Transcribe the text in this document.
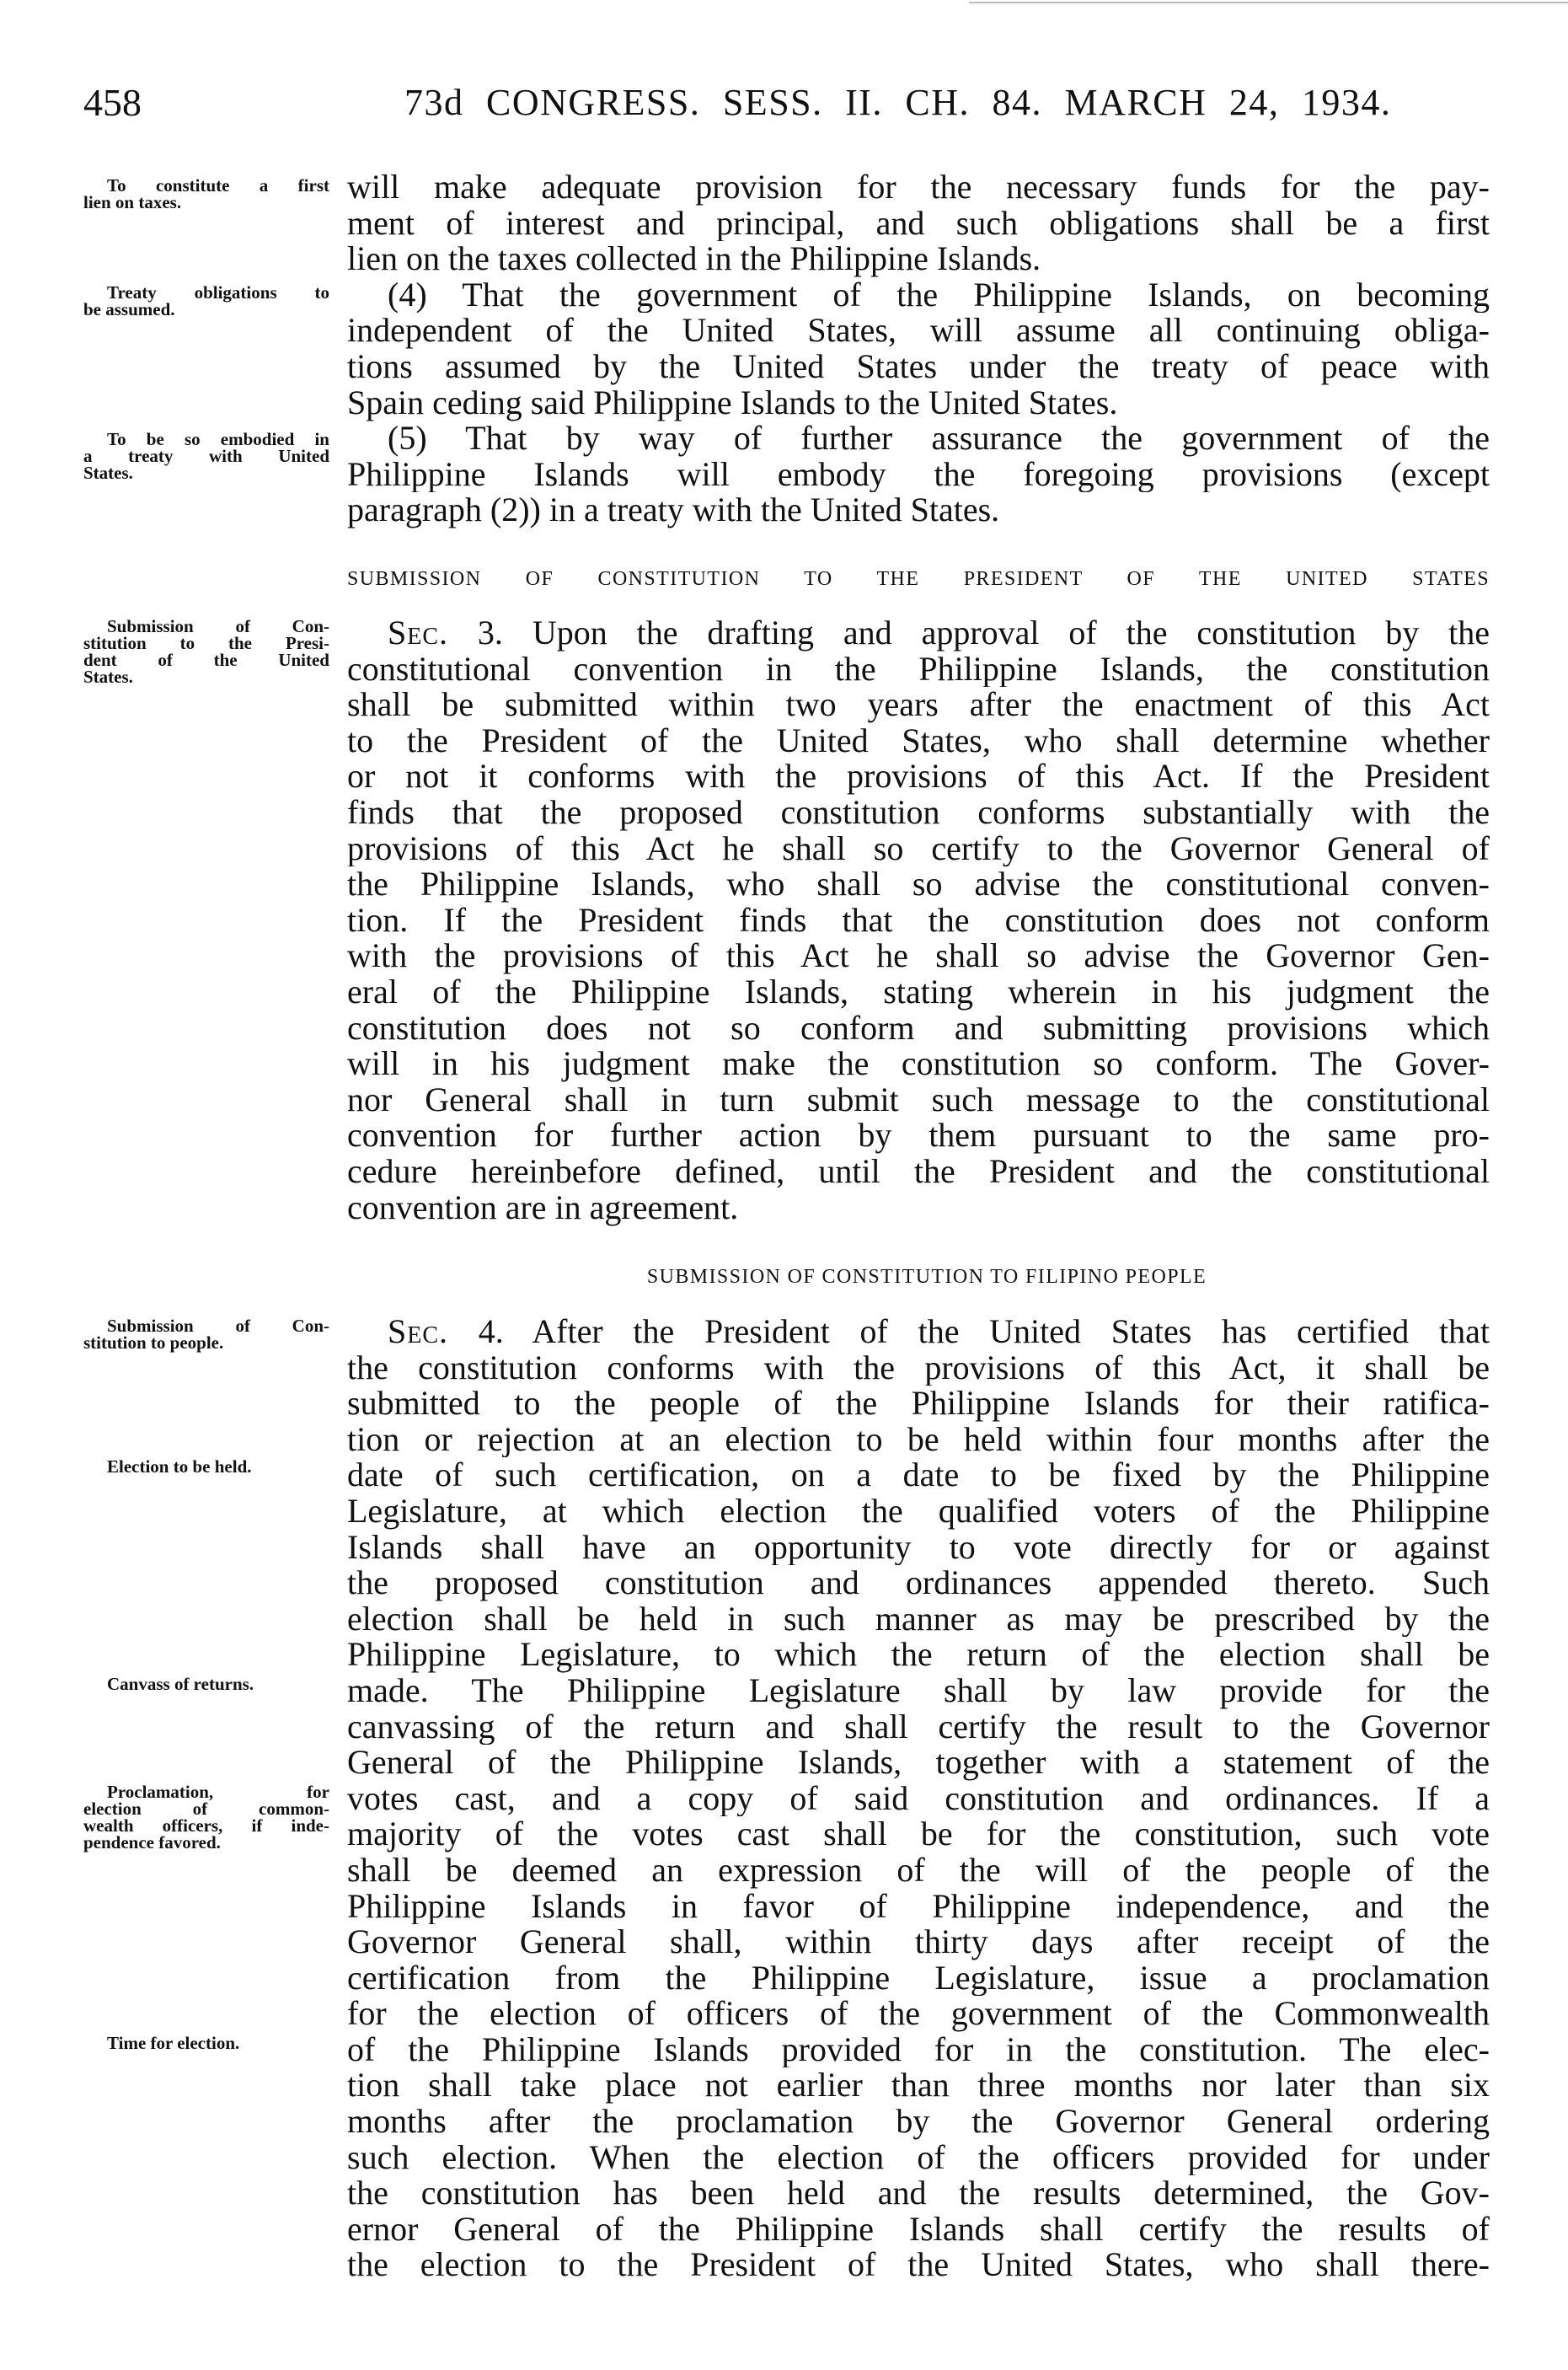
458	73d CONGRESS. SESS. II. CH. 84. MARCH 24, 1934.
will make adequate provision for the necessary funds for the pay-
ment of interest and principal, and such obligations shall be a first
lien on the taxes collected in the Philippine Islands.
(4) That the government of the Philippine Islands, on becoming
independent of the United States, will assume all continuing obliga-
tions assumed by the United States under the treaty of peace with
Spain ceding said Philippine Islands to the United States.
(5) That by way of further assurance the government of the
Philippine Islands will embody the foregoing provisions (except
paragraph (2)) in a treaty with the United States.
SUBMISSION OF CONSTITUTION TO THE PRESIDENT OF THE UNITED STATES
Sec. 3. Upon the drafting and approval of the constitution by the
constitutional convention in the Philippine Islands, the constitution
shall be submitted within two years after the enactment of this Act
to the President of the United States, who shall determine whether
or not it conforms with the provisions of this Act. If the President
finds that the proposed constitution conforms substantially with the
provisions of this Act he shall so certify to the Governor General of
the Philippine Islands, who shall so advise the constitutional conven-
tion. If the President finds that the constitution does not conform
with the provisions of this Act he shall so advise the Governor Gen-
eral of the Philippine Islands, stating wherein in his judgment the
constitution does not so conform and submitting provisions which
will in his judgment make the constitution so conform. The Gover-
nor General shall in turn submit such message to the constitutional
convention for further action by them pursuant to the same pro-
cedure hereinbefore defined, until the President and the constitutional
convention are in agreement.
SUBMISSION OF CONSTITUTION TO FILIPINO PEOPLE
Sec. 4. After the President of the United States has certified that
the constitution conforms with the provisions of this Act, it shall be
submitted to the people of the Philippine Islands for their ratifica-
tion or rejection at an election to be held within four months after the
date of such certification, on a date to be fixed by the Philippine
Legislature, at which election the qualified voters of the Philippine
Islands shall have an opportunity to vote directly for or against
the proposed constitution and ordinances appended thereto. Such
election shall be held in such manner as may be prescribed by the
Philippine Legislature, to which the return of the election shall be
made. The Philippine Legislature shall by law provide for the
canvassing of the return and shall certify the result to the Governor
General of the Philippine Islands, together with a statement of the
votes cast, and a copy of said constitution and ordinances. If a
majority of the votes cast shall be for the constitution, such vote
shall be deemed an expression of the will of the people of the
Philippine Islands in favor of Philippine independence, and the
Governor General shall, within thirty days after receipt of the
certification from the Philippine Legislature, issue a proclamation
for the election of officers of the government of the Commonwealth
of the Philippine Islands provided for in the constitution. The elec-
tion shall take place not earlier than three months nor later than six
months after the proclamation by the Governor General ordering
such election. When the election of the officers provided for under
the constitution has been held and the results determined, the Gov-
ernor General of the Philippine Islands shall certify the results of
the election to the President of the United States, who shall there-
To constitute a first
lien on taxes.
Treaty obligations to
be assumed.
To be so embodied in
a treaty with United
States.
Submission of Con-
stitution to the Presi-
dent of the United
States.
Submission of Con-
stitution to people.
Election to be held.
Canvass of returns.
Proclamation, for
election of common-
wealth officers, if inde-
pendence favored.
Time for election.
